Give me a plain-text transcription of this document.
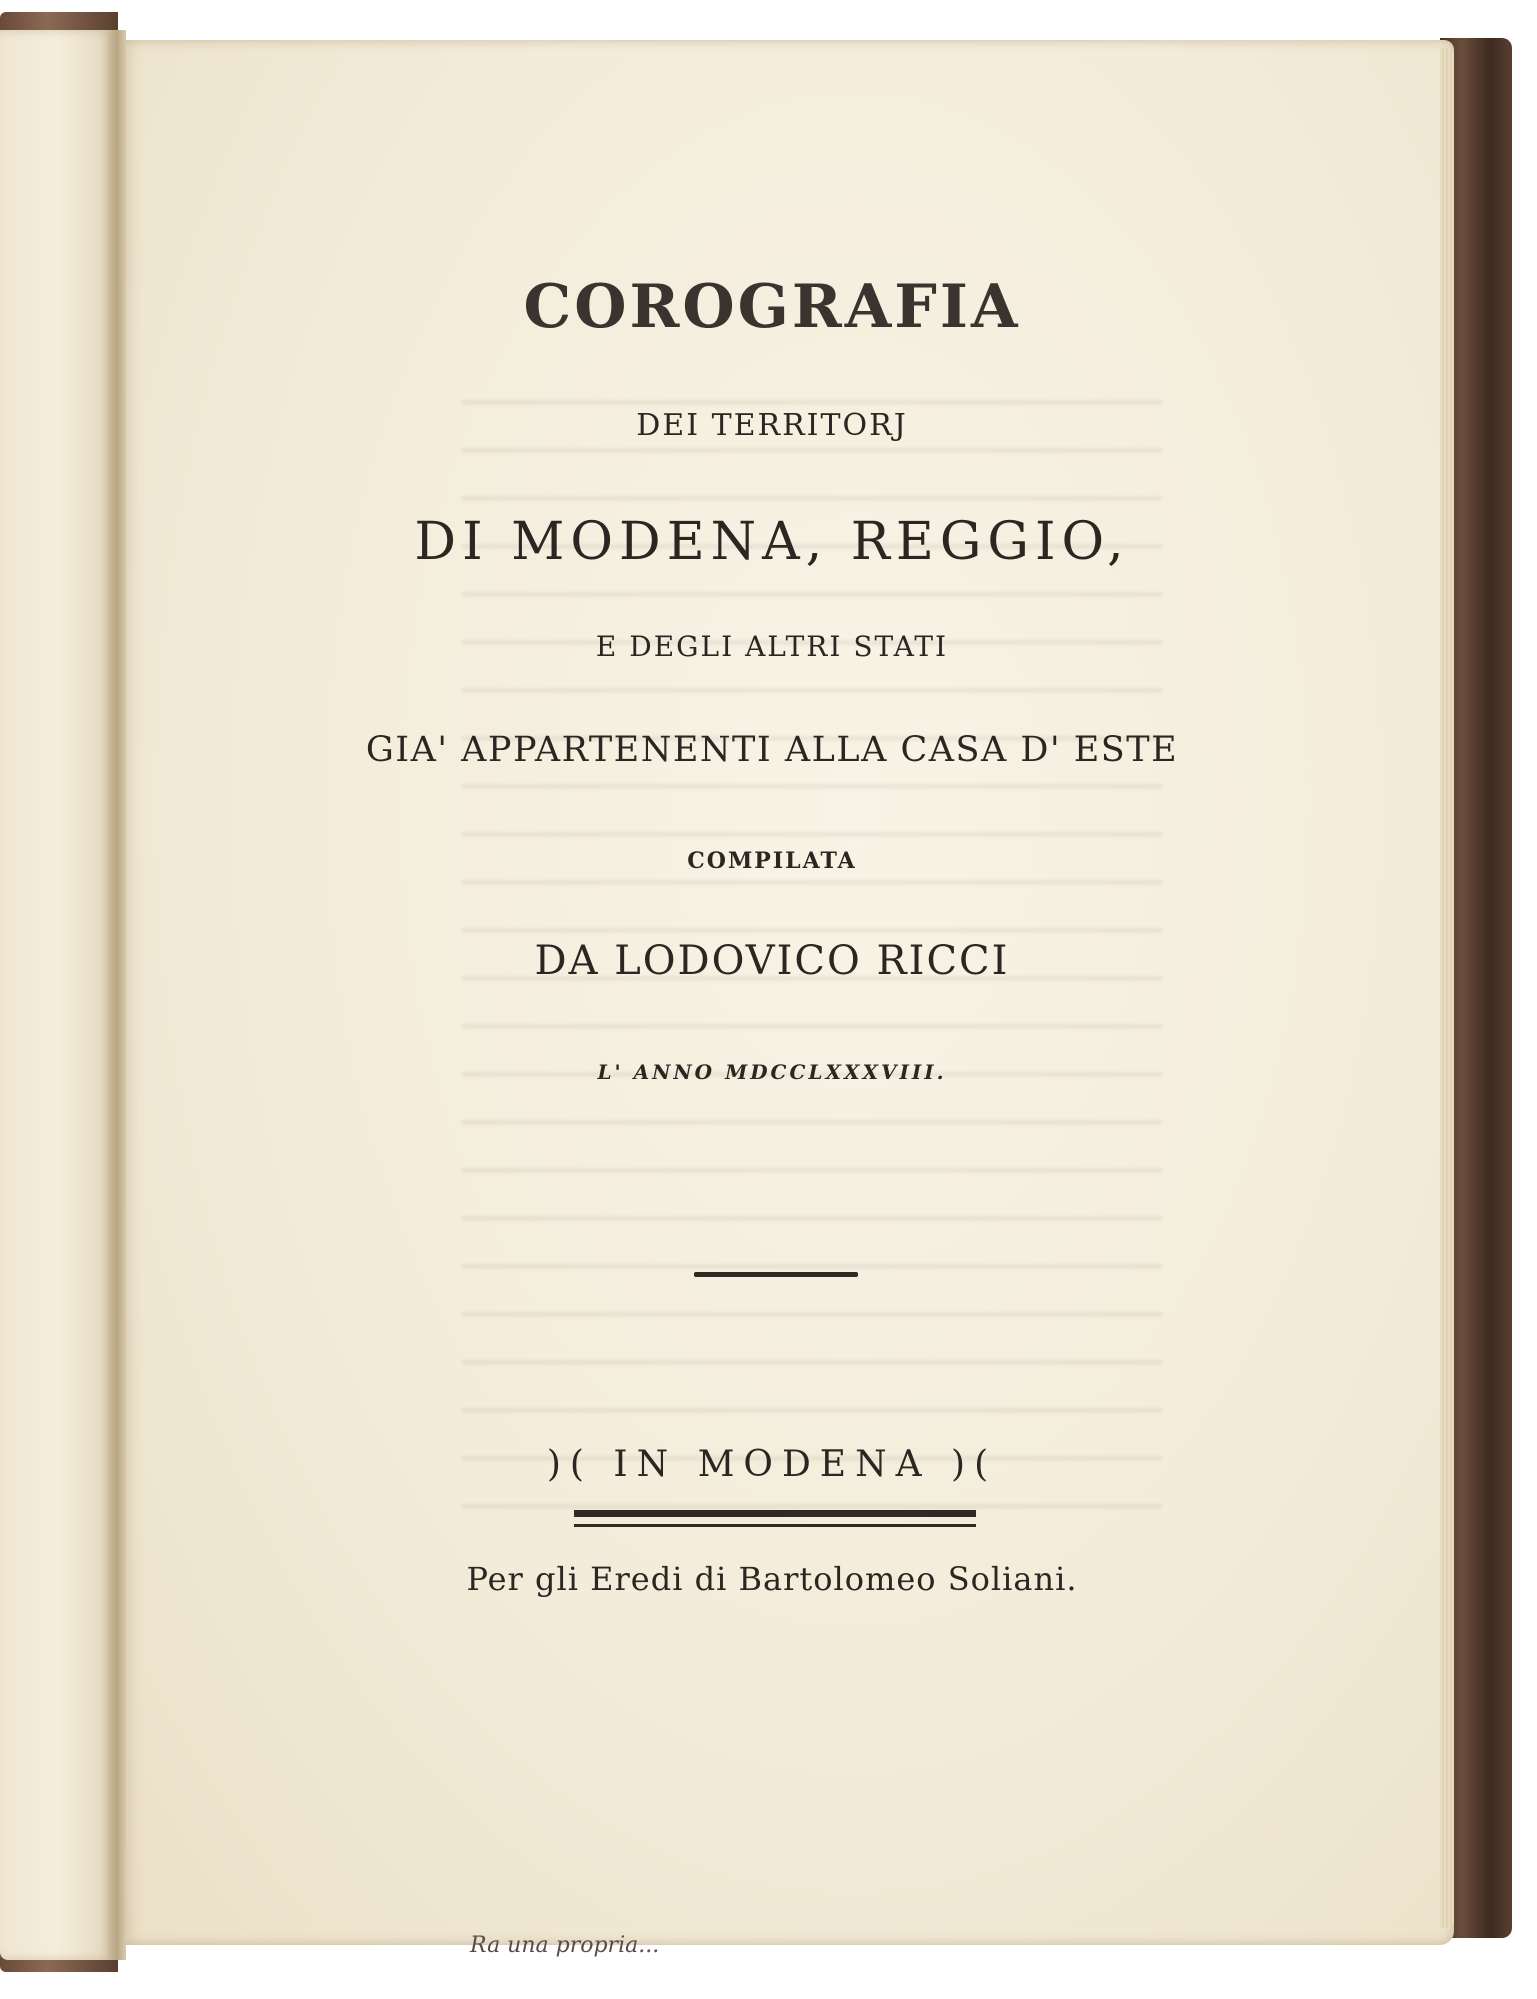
COROGRAFIA

DEI TERRITORJ

DI MODENA, REGGIO,

E DEGLI ALTRI STATI

GIA' APPARTENENTI ALLA CASA D' ESTE

COMPILATA

DA LODOVICO RICCI

L' ANNO MDCCLXXXVIII.

)( IN MODENA )(

Per gli Eredi di Bartolomeo Soliani.

Ra una propria...
